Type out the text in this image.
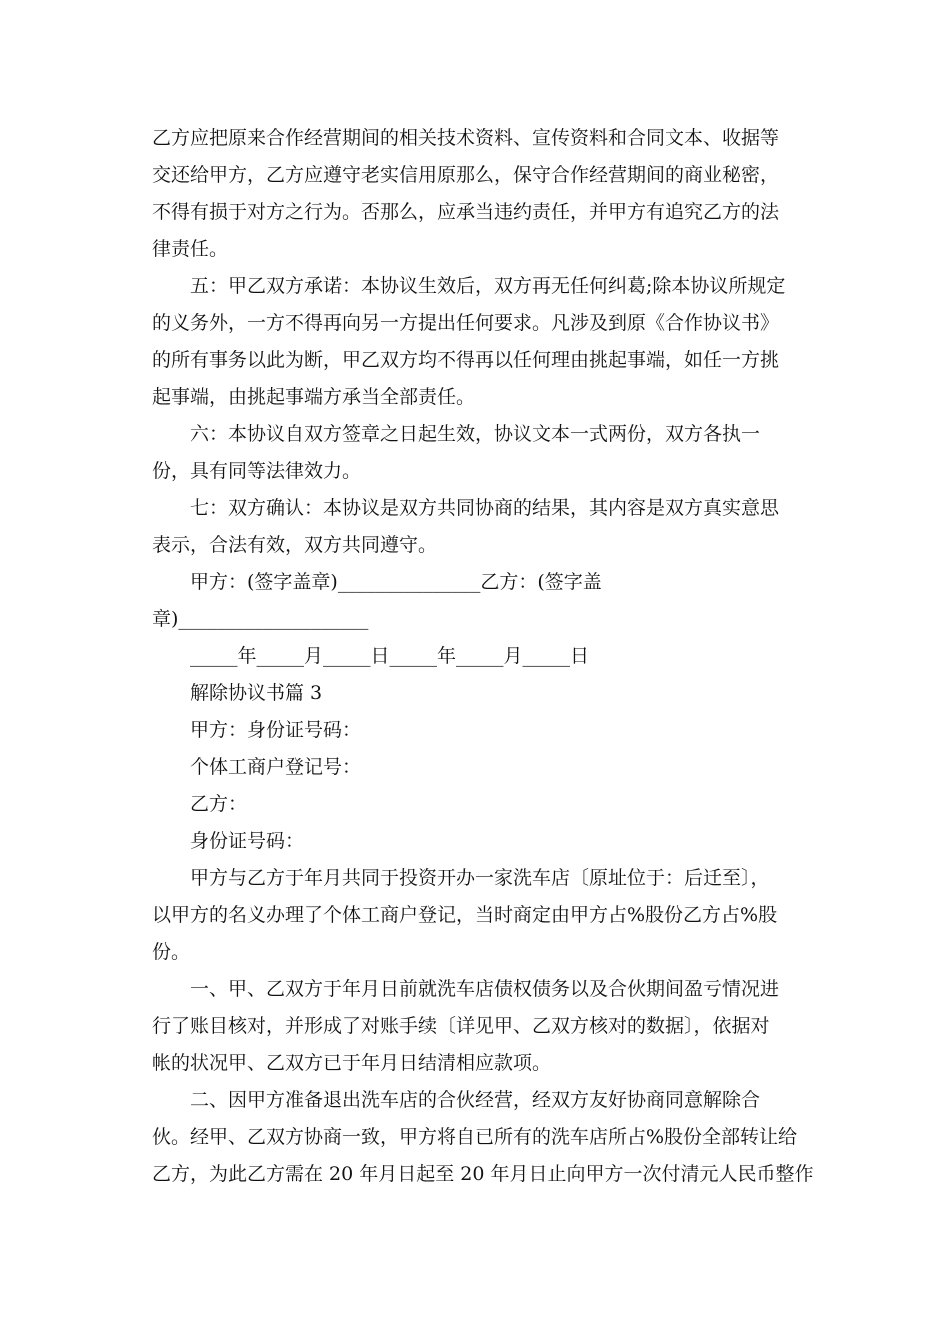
乙方应把原来合作经营期间的相关技术资料、宣传资料和合同文本、收据等
交还给甲方，乙方应遵守老实信用原那么，保守合作经营期间的商业秘密，
不得有损于对方之行为。否那么，应承当违约责任，并甲方有追究乙方的法
律责任。
五：甲乙双方承诺：本协议生效后，双方再无任何纠葛;除本协议所规定
的义务外，一方不得再向另一方提出任何要求。凡涉及到原《合作协议书》
的所有事务以此为断，甲乙双方均不得再以任何理由挑起事端，如任一方挑
起事端，由挑起事端方承当全部责任。
六：本协议自双方签章之日起生效，协议文本一式两份，双方各执一
份，具有同等法律效力。
七：双方确认：本协议是双方共同协商的结果，其内容是双方真实意思
表示，合法有效，双方共同遵守。
甲方：(签字盖章)_______________乙方：(签字盖
章)____________________
_____年_____月_____日_____年_____月_____日
解除协议书篇 3
甲方：身份证号码：
个体工商户登记号：
乙方：
身份证号码：
甲方与乙方于年月共同于投资开办一家洗车店〔原址位于：后迁至〕，
以甲方的名义办理了个体工商户登记，当时商定由甲方占%股份乙方占%股
份。
一、甲、乙双方于年月日前就洗车店债权债务以及合伙期间盈亏情况进
行了账目核对，并形成了对账手续〔详见甲、乙双方核对的数据〕，依据对
帐的状况甲、乙双方已于年月日结清相应款项。
二、因甲方准备退出洗车店的合伙经营，经双方友好协商同意解除合
伙。经甲、乙双方协商一致，甲方将自已所有的洗车店所占%股份全部转让给
乙方，为此乙方需在 20 年月日起至 20 年月日止向甲方一次付清元人民币整作
